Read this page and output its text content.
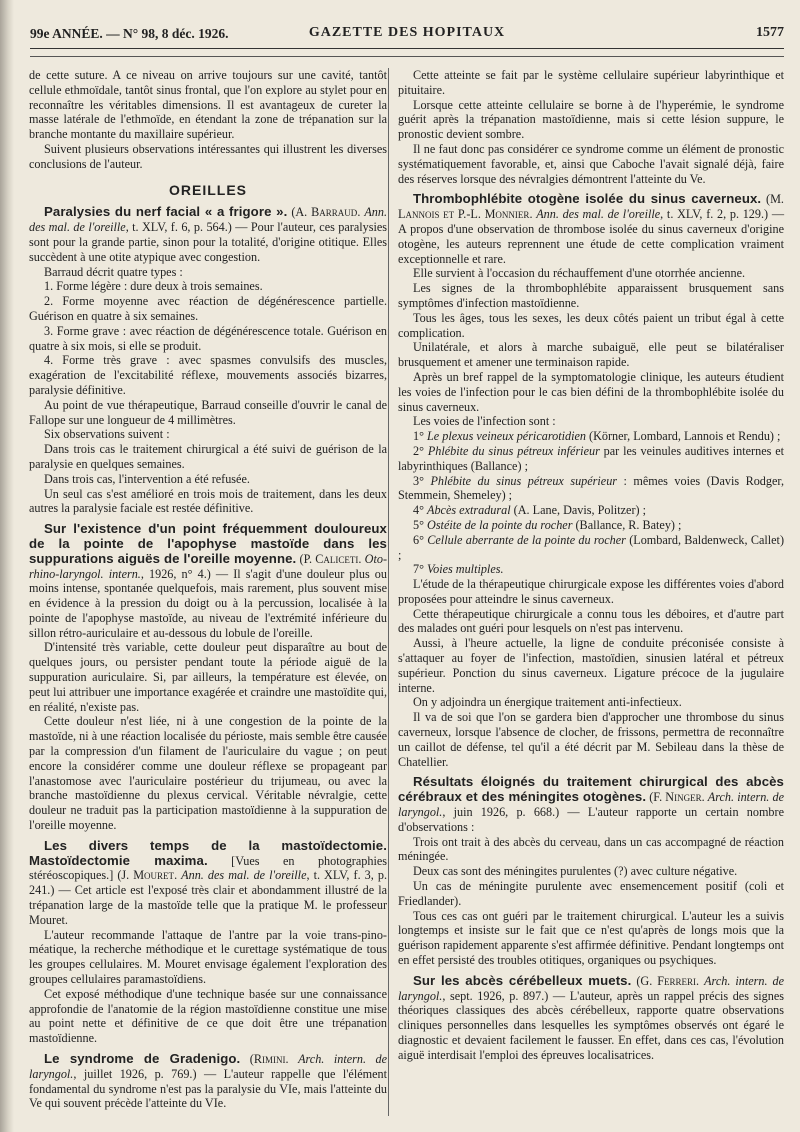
99e ANNÉE. — N° 98, 8 déc. 1926.	GAZETTE DES HOPITAUX	1577

de cette suture. A ce niveau on arrive toujours sur une cavité, tantôt cellule ethmoïdale, tantôt sinus frontal, que l'on explore au stylet pour en reconnaître les véritables dimensions. Il est avantageux de cureter la masse latérale de l'ethmoïde, en étendant la zone de trépanation sur la branche montante du maxillaire supérieur.

Suivent plusieurs observations intéressantes qui illustrent les diverses conclusions de l'auteur.

OREILLES

Paralysies du nerf facial « a frigore ». (A. Barraud. Ann. des mal. de l'oreille, t. XLV, f. 6, p. 564.) — Pour l'auteur, ces paralysies sont pour la grande partie, sinon pour la totalité, d'origine otitique. Elles succèdent à une otite atypique avec congestion.

Barraud décrit quatre types :

1. Forme légère : dure deux à trois semaines.

2. Forme moyenne avec réaction de dégénérescence partielle. Guérison en quatre à six semaines.

3. Forme grave : avec réaction de dégénérescence totale. Guérison en quatre à six mois, si elle se produit.

4. Forme très grave : avec spasmes convulsifs des muscles, exagération de l'excitabilité réflexe, mouvements associés bizarres, paralysie définitive.

Au point de vue thérapeutique, Barraud conseille d'ouvrir le canal de Fallope sur une longueur de 4 millimètres.

Six observations suivent :

Dans trois cas le traitement chirurgical a été suivi de guérison de la paralysie en quelques semaines.

Dans trois cas, l'intervention a été refusée.

Un seul cas s'est amélioré en trois mois de traitement, dans les deux autres la paralysie faciale est restée définitive.

Sur l'existence d'un point fréquemment douloureux de la pointe de l'apophyse mastoïde dans les suppurations aiguës de l'oreille moyenne. (P. Caliceti. Oto-rhino-laryngol. intern., 1926, n° 4.) — Il s'agit d'une douleur plus ou moins intense, spontanée quelquefois, mais rarement, plus souvent mise en évidence à la pression du doigt ou à la percussion, localisée à la pointe de l'apophyse mastoïde, au niveau de l'extrémité inférieure du sillon rétro-auriculaire et au-dessous du lobule de l'oreille.

D'intensité très variable, cette douleur peut disparaître au bout de quelques jours, ou persister pendant toute la période aiguë de la suppuration auriculaire. Si, par ailleurs, la température est élevée, on peut lui attribuer une importance exagérée et craindre une mastoïdite qui, en réalité, n'existe pas.

Cette douleur n'est liée, ni à une congestion de la pointe de la mastoïde, ni à une réaction localisée du périoste, mais semble être causée par la compression d'un filament de l'auriculaire du vague ; on peut encore la considérer comme une douleur réflexe se propageant par l'anastomose avec l'auriculaire postérieur du trijumeau, ou avec la branche mastoïdienne du plexus cervical. Véritable névralgie, cette douleur ne traduit pas la participation mastoïdienne à la suppuration de l'oreille moyenne.

Les divers temps de la mastoïdectomie. Mastoïdectomie maxima. [Vues en photographies stéréoscopiques.] (J. Mouret. Ann. des mal. de l'oreille, t. XLV, f. 3, p. 241.) — Cet article est l'exposé très clair et abondamment illustré de la trépanation large de la mastoïde telle que la pratique M. le professeur Mouret.

L'auteur recommande l'attaque de l'antre par la voie trans-pino-méatique, la recherche méthodique et le curettage systématique de tous les groupes cellulaires. M. Mouret envisage également l'exploration des groupes cellulaires paramastoïdiens.

Cet exposé méthodique d'une technique basée sur une connaissance approfondie de l'anatomie de la région mastoïdienne constitue une mise au point nette et définitive de ce que doit être une trépanation mastoïdienne.

Le syndrome de Gradenigo. (Rimini. Arch. intern. de laryngol., juillet 1926, p. 769.) — L'auteur rappelle que l'élément fondamental du syndrome n'est pas la paralysie du VIe, mais l'atteinte du Ve qui souvent précède l'atteinte du VIe.

Cette atteinte se fait par le système cellulaire supérieur labyrinthique et pituitaire.

Lorsque cette atteinte cellulaire se borne à de l'hyperémie, le syndrome guérit après la trépanation mastoïdienne, mais si cette lésion suppure, le pronostic devient sombre.

Il ne faut donc pas considérer ce syndrome comme un élément de pronostic systématiquement favorable, et, ainsi que Caboche l'avait signalé déjà, faire des réserves lorsque des névralgies démontrent l'atteinte du Ve.

Thrombophlébite otogène isolée du sinus caverneux. (M. Lannois et P.-L. Monnier. Ann. des mal. de l'oreille, t. XLV, f. 2, p. 129.) — A propos d'une observation de thrombose isolée du sinus caverneux d'origine otogène, les auteurs reprennent une étude de cette complication vraiment exceptionnelle et rare.

Elle survient à l'occasion du réchauffement d'une otorrhée ancienne.

Les signes de la thrombophlébite apparaissent brusquement sans symptômes d'infection mastoïdienne.

Tous les âges, tous les sexes, les deux côtés paient un tribut égal à cette complication.

Unilatérale, et alors à marche subaiguë, elle peut se bilatéraliser brusquement et amener une terminaison rapide.

Après un bref rappel de la symptomatologie clinique, les auteurs étudient les voies de l'infection pour le cas bien défini de la thrombophlébite isolée du sinus caverneux.

Les voies de l'infection sont :

1° Le plexus veineux péricarotidien (Körner, Lombard, Lannois et Rendu) ;

2° Phlébite du sinus pétreux inférieur par les veinules auditives internes et labyrinthiques (Ballance) ;

3° Phlébite du sinus pétreux supérieur : mêmes voies (Davis Rodger, Stemmein, Shemeley) ;

4° Abcès extradural (A. Lane, Davis, Politzer) ;

5° Ostéite de la pointe du rocher (Ballance, R. Batey) ;

6° Cellule aberrante de la pointe du rocher (Lombard, Baldenweck, Callet) ;

7° Voies multiples.

L'étude de la thérapeutique chirurgicale expose les différentes voies d'abord proposées pour atteindre le sinus caverneux.

Cette thérapeutique chirurgicale a connu tous les déboires, et d'autre part des malades ont guéri pour lesquels on n'est pas intervenu.

Aussi, à l'heure actuelle, la ligne de conduite préconisée consiste à s'attaquer au foyer de l'infection, mastoïdien, sinusien latéral et pétreux supérieur. Ponction du sinus caverneux. Ligature précoce de la jugulaire interne.

On y adjoindra un énergique traitement anti-infectieux.

Il va de soi que l'on se gardera bien d'approcher une thrombose du sinus caverneux, lorsque l'absence de clocher, de frissons, permettra de reconnaître un caillot de défense, tel qu'il a été décrit par M. Sebileau dans la thèse de Chatellier.

Résultats éloignés du traitement chirurgical des abcès cérébraux et des méningites otogènes. (F. Ninger. Arch. intern. de laryngol., juin 1926, p. 668.) — L'auteur rapporte un certain nombre d'observations :

Trois ont trait à des abcès du cerveau, dans un cas accompagné de réaction méningée.

Deux cas sont des méningites purulentes (?) avec culture négative.

Un cas de méningite purulente avec ensemencement positif (coli et Friedlander).

Tous ces cas ont guéri par le traitement chirurgical. L'auteur les a suivis longtemps et insiste sur le fait que ce n'est qu'après de longs mois que la guérison rapidement apparente s'est affirmée définitive. Pendant longtemps ont en effet persisté des troubles otitiques, organiques ou psychiques.

Sur les abcès cérébelleux muets. (G. Ferreri. Arch. intern. de laryngol., sept. 1926, p. 897.) — L'auteur, après un rappel précis des signes théoriques classiques des abcès cérébelleux, rapporte quatre observations cliniques personnelles dans lesquelles les symptômes observés ont égaré le diagnostic et devaient facilement le fausser. En effet, dans ces cas, l'évolution aiguë interdisait l'emploi des épreuves localisatrices.
